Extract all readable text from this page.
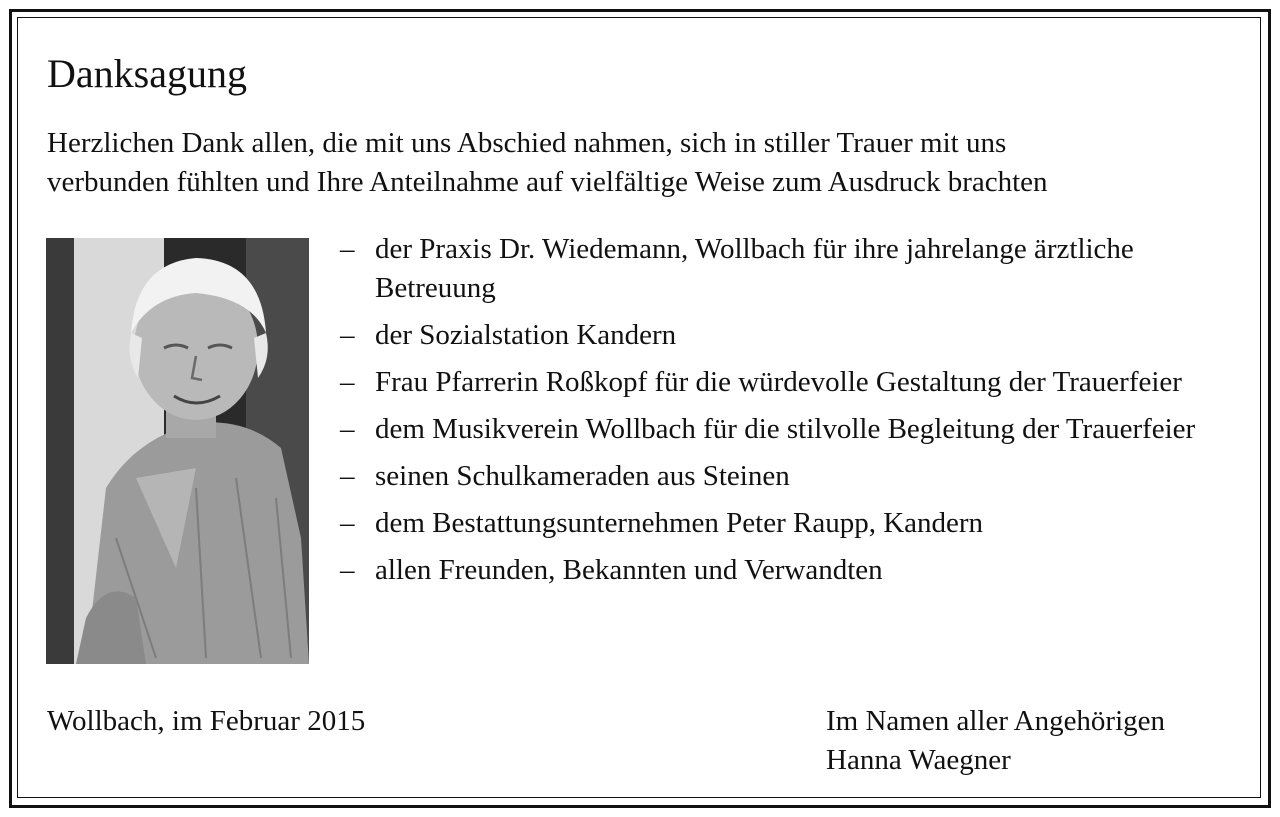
Danksagung
Herzlichen Dank allen, die mit uns Abschied nahmen, sich in stiller Trauer mit uns
verbunden fühlten und Ihre Anteilnahme auf vielfältige Weise zum Ausdruck brachten
– der Praxis Dr. Wiedemann, Wollbach für ihre jahrelange ärztliche Betreuung
– der Sozialstation Kandern
– Frau Pfarrerin Roßkopf für die würdevolle Gestaltung der Trauerfeier
– dem Musikverein Wollbach für die stilvolle Begleitung der Trauerfeier
– seinen Schulkameraden aus Steinen
– dem Bestattungsunternehmen Peter Raupp, Kandern
– allen Freunden, Bekannten und Verwandten
Wollbach, im Februar 2015	Im Namen aller Angehörigen
Hanna Waegner
